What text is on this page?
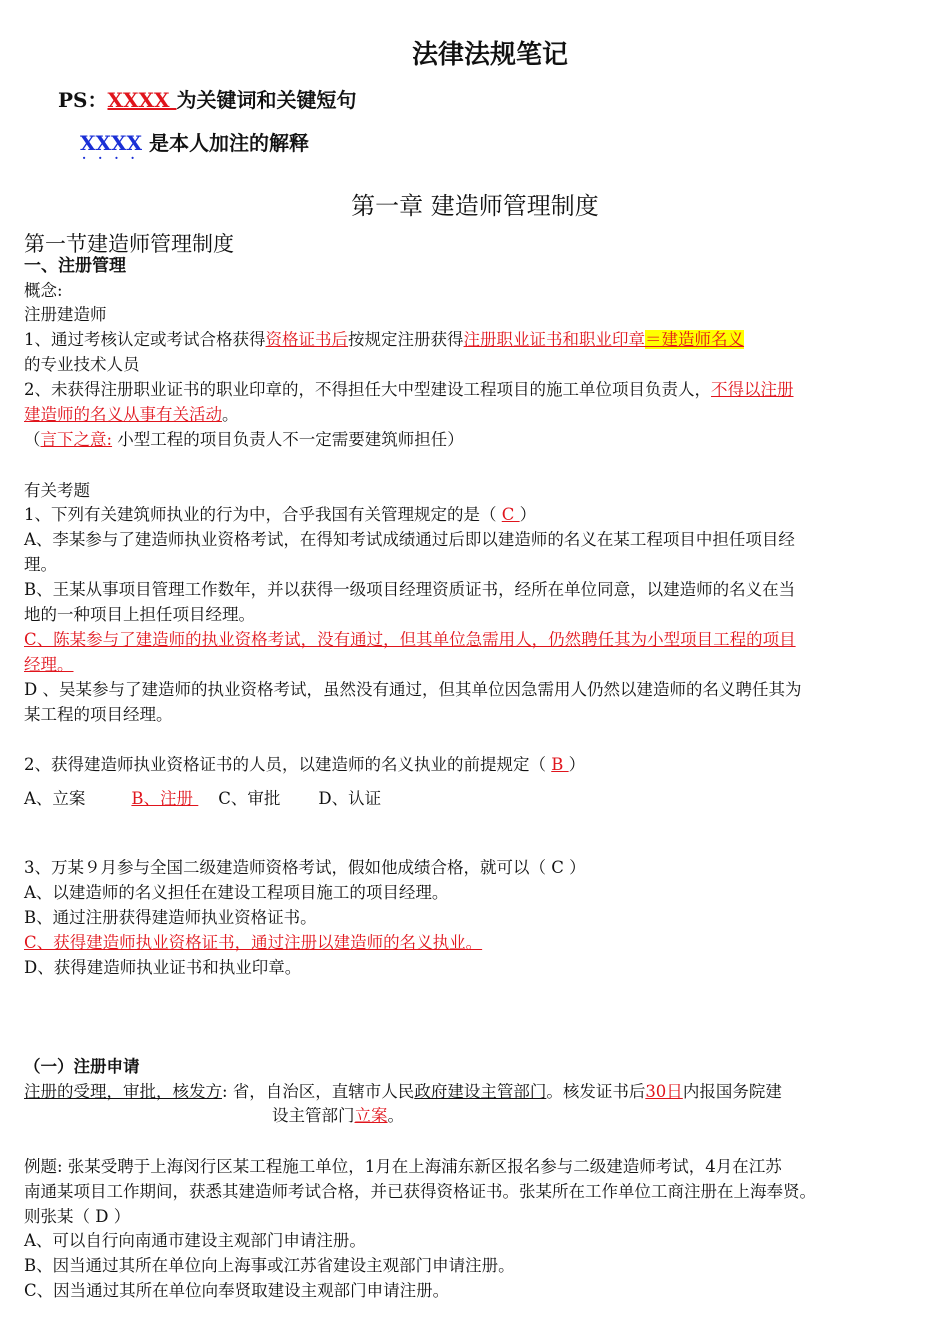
法律法规笔记
PS：XXXX 为关键词和关键短句
XXXX
····
是本人加注的解释
第一章 建造师管理制度
第一节建造师管理制度
一、注册管理
概念:
注册建造师
1、通过考核认定或考试合格获得资格证书后按规定注册获得注册职业证书和职业印章＝建造师名义
的专业技术人员
2、未获得注册职业证书的职业印章的，不得担任大中型建设工程项目的施工单位项目负责人，不得以注册
建造师的名义从事有关活动。
（言下之意: 小型工程的项目负责人不一定需要建筑师担任）
有关考题
1、下列有关建筑师执业的行为中，合乎我国有关管理规定的是（ C ）
A、李某参与了建造师执业资格考试，在得知考试成绩通过后即以建造师的名义在某工程项目中担任项目经
理。
B、王某从事项目管理工作数年，并以获得一级项目经理资质证书，经所在单位同意，以建造师的名义在当
地的一种项目上担任项目经理。
C、陈某参与了建造师的执业资格考试，没有通过，但其单位急需用人，仍然聘任其为小型项目工程的项目
经理。
D 、吴某参与了建造师的执业资格考试，虽然没有通过，但其单位因急需用人仍然以建造师的名义聘任其为
某工程的项目经理。
2、获得建造师执业资格证书的人员，以建造师的名义执业的前提规定（ B ）
A、立案	B、注册 C、审批 D、认证
3、万某９月参与全国二级建造师资格考试，假如他成绩合格，就可以（ C ）
A、以建造师的名义担任在建设工程项目施工的项目经理。
B、通过注册获得建造师执业资格证书。
C、获得建造师执业资格证书，通过注册以建造师的名义执业。
D、获得建造师执业证书和执业印章。
（一）注册申请
注册的受理，审批，核发方: 省，自治区，直辖市人民政府建设主管部门。核发证书后30日内报国务院建
设主管部门立案。
例题: 张某受聘于上海闵行区某工程施工单位，1月在上海浦东新区报名参与二级建造师考试，4月在江苏
南通某项目工作期间，获悉其建造师考试合格，并已获得资格证书。张某所在工作单位工商注册在上海奉贤。
则张某（ D ）
A、可以自行向南通市建设主观部门申请注册。
B、因当通过其所在单位向上海事或江苏省建设主观部门申请注册。
C、因当通过其所在单位向奉贤取建设主观部门申请注册。
